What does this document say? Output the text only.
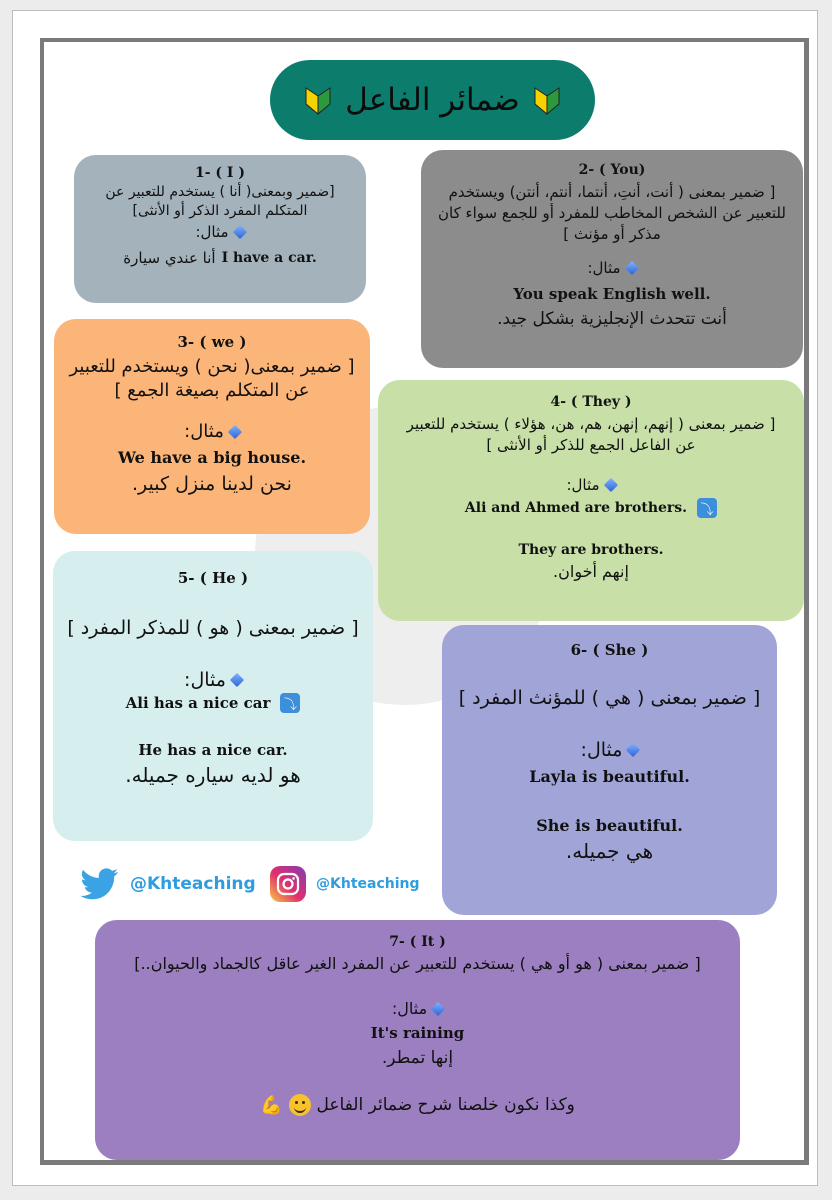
ضمائر الفاعل
1- ( I )
[ضمير وبمعنى( أنا ) يستخدم للتعبير عن المتكلم المفرد الذكر أو الأنثى]
مثال:
أنا عندي سيارة I have a car.
2- ( You)
[ ضمير بمعنى ( أنت، أنتِ، أنتما، أنتم، أنتن) ويستخدم للتعبير عن الشخص المخاطب للمفرد أو للجمع سواء كان مذكر أو مؤنث ]
مثال:
You speak English well.
أنت تتحدث الإنجليزية بشكل جيد.
3- ( we )
[ ضمير بمعنى( نحن ) ويستخدم للتعبير عن المتكلم بصيغة الجمع ]
مثال:
We have a big house.
نحن لدينا منزل كبير.
4- ( They )
[ ضمير بمعنى ( إنهم، إنهن، هم، هن، هؤلاء ) يستخدم للتعبير عن الفاعل الجمع للذكر أو الأنثى ]
مثال:
Ali and Ahmed are brothers. ⤵
They are brothers.
إنهم أخوان.
5- ( He )
[ ضمير بمعنى ( هو ) للمذكر المفرد ]
مثال:
Ali has a nice car ⤵
He has a nice car.
هو لديه سياره جميله.
6- ( She )
[ ضمير بمعنى ( هي ) للمؤنث المفرد ]
مثال:
Layla is beautiful.
She is beautiful.
هي جميله.
@Khteaching	@Khteaching
7- ( It )
[ ضمير بمعنى ( هو أو هي ) يستخدم للتعبير عن المفرد الغير عاقل كالجماد والحيوان..]
مثال:
It's raining
إنها تمطر.
💪 وكذا نكون خلصنا شرح ضمائر الفاعل
